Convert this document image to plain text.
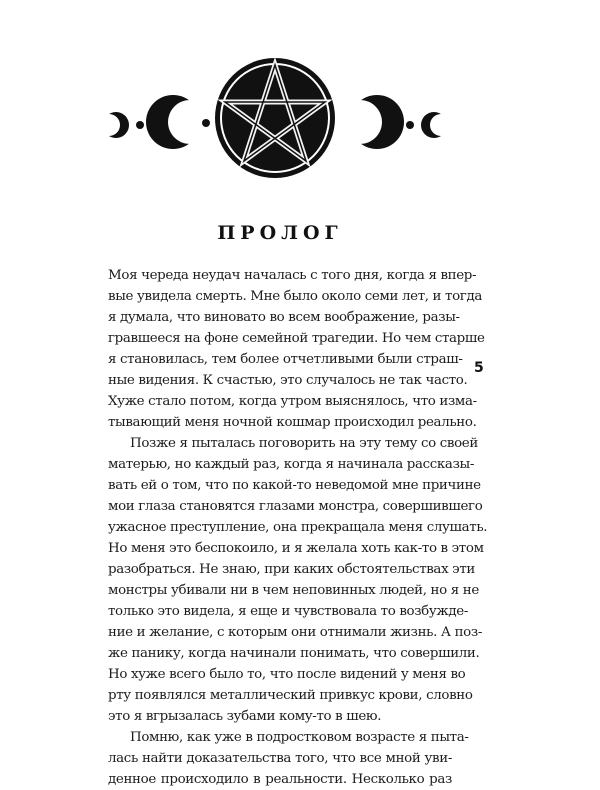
ПРОЛОГ
Моя череда неудач началась с того дня, когда я впер-
вые увидела смерть. Мне было около семи лет, и тогда
я думала, что виновато во всем воображение, разы-
гравшееся на фоне семейной трагедии. Но чем старше
я становилась, тем более отчетливыми были страш-
ные видения. К счастью, это случалось не так часто.
Хуже стало потом, когда утром выяснялось, что изма-
тывающий меня ночной кошмар происходил реально.
Позже я пыталась поговорить на эту тему со своей
матерью, но каждый раз, когда я начинала рассказы-
вать ей о том, что по какой-то неведомой мне причине
мои глаза становятся глазами монстра, совершившего
ужасное преступление, она прекращала меня слушать.
Но меня это беспокоило, и я желала хоть как-то в этом
разобраться. Не знаю, при каких обстоятельствах эти
монстры убивали ни в чем неповинных людей, но я не
только это видела, я еще и чувствовала то возбужде-
ние и желание, с которым они отнимали жизнь. А поз-
же панику, когда начинали понимать, что совершили.
Но хуже всего было то, что после видений у меня во
рту появлялся металлический привкус крови, словно
это я вгрызалась зубами кому-то в шею.
Помню, как уже в подростковом возрасте я пыта-
лась найти доказательства того, что все мной уви-
денное происходило в реальности. Несколько раз
5
